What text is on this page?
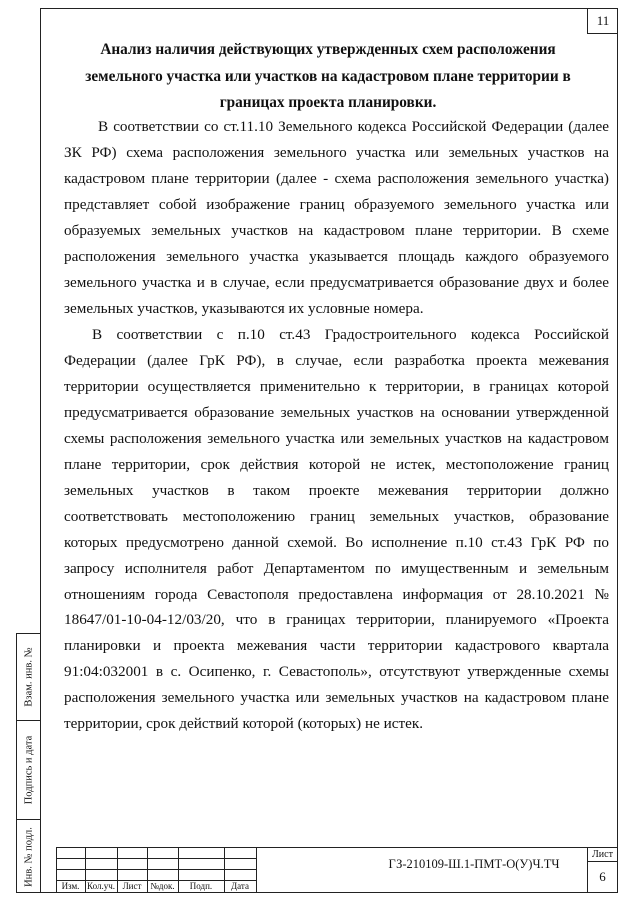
11
Анализ наличия действующих утвержденных схем расположения земельного участка или участков на кадастровом плане территории в границах проекта планировки.

В соответствии со ст.11.10 Земельного кодекса Российской Федерации (далее ЗК РФ) схема расположения земельного участка или земельных участков на кадастровом плане территории (далее - схема расположения земельного участка) представляет собой изображение границ образуемого земельного участка или образуемых земельных участков на кадастровом плане территории. В схеме расположения земельного участка указывается площадь каждого образуемого земельного участка и в случае, если предусматривается образование двух и более земельных участков, указываются их условные номера.

В соответствии с п.10 ст.43 Градостроительного кодекса Российской Федерации (далее ГрК РФ), в случае, если разработка проекта межевания территории осуществляется применительно к территории, в границах которой предусматривается образование земельных участков на основании утвержденной схемы расположения земельного участка или земельных участков на кадастровом плане территории, срок действия которой не истек, местоположение границ земельных участков в таком проекте межевания территории должно соответствовать местоположению границ земельных участков, образование которых предусмотрено данной схемой. Во исполнение п.10 ст.43 ГрК РФ по запросу исполнителя работ Департаментом по имущественным и земельным отношениям города Севастополя предоставлена информация от 28.10.2021 № 18647/01-10-04-12/03/20, что в границах территории, планируемого «Проекта планировки и проекта межевания части территории кадастрового квартала 91:04:032001 в с. Осипенко, г. Севастополь», отсутствуют утвержденные схемы расположения земельного участка или земельных участков на кадастровом плане территории, срок действий которой (которых) не истек.

Взам. инв. №
Подпись и дата
Инв. № подл.	Изм. Кол.уч. Лист №док.	Подп.	Дата
ГЗ-210109-Ш.1-ПМТ-О(У)Ч.ТЧ
Лист
6
